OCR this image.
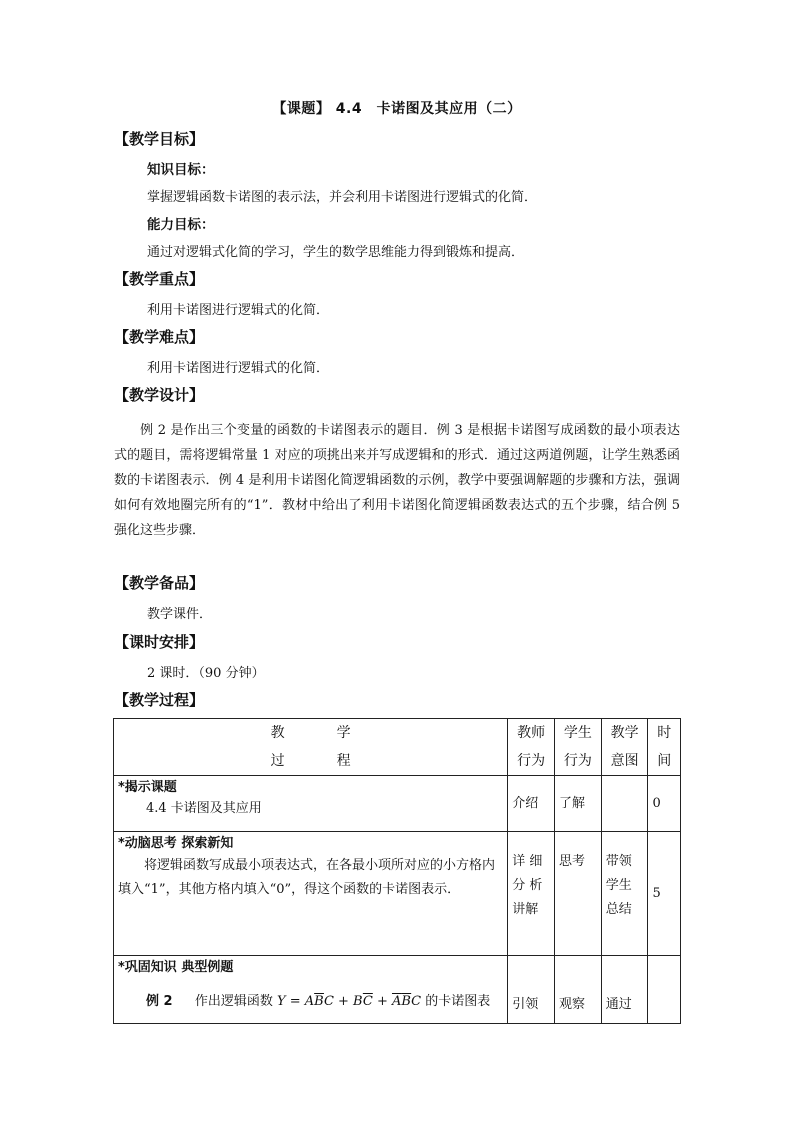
【课题】 4.4　卡诺图及其应用（二）
【教学目标】
知识目标：
掌握逻辑函数卡诺图的表示法，并会利用卡诺图进行逻辑式的化简．
能力目标：
通过对逻辑式化简的学习，学生的数学思维能力得到锻炼和提高．
【教学重点】
利用卡诺图进行逻辑式的化简．
【教学难点】
利用卡诺图进行逻辑式的化简．
【教学设计】
例 2 是作出三个变量的函数的卡诺图表示的题目．例 3 是根据卡诺图写成函数的最小项表达式的题目，需将逻辑常量 1 对应的项挑出来并写成逻辑和的形式．通过这两道例题，让学生熟悉函数的卡诺图表示．例 4 是利用卡诺图化简逻辑函数的示例，教学中要强调解题的步骤和方法，强调如何有效地圈完所有的“1”．教材中给出了利用卡诺图化简逻辑函数表达式的五个步骤，结合例 5 强化这些步骤．
【教学备品】
教学课件．
【课时安排】
2 课时．（90 分钟）
【教学过程】
教学
过程	教师行为	学生行为	教学意图	时间

*揭示课题
4.4 卡诺图及其应用	介绍	了解		0

*动脑思考 探索新知
将逻辑函数写成最小项表达式，在各最小项所对应的小方格内填入“1”，其他方格内填入“0”，得这个函数的卡诺图表示．	详 细 分 析 讲解	思考	带领学生总结	5

*巩固知识 典型例题
例 2 作出逻辑函数 $Y = A\overline{B}C + B\overline{C} + \overline{A}\overline{B}C$ 的卡诺图表	引领	观察	通过	
